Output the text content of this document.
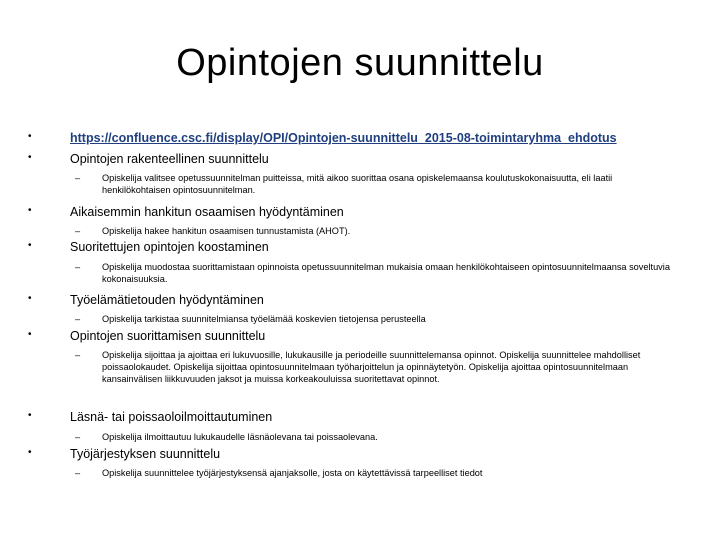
Opintojen suunnittelu
•	https://confluence.csc.fi/display/OPI/Opintojen-suunnittelu_2015-08-toimintaryhma_ehdotus
•	Opintojen rakenteellinen suunnittelu
– Opiskelija valitsee opetussuunnitelman puitteissa, mitä aikoo suorittaa osana opiskelemaansa koulutuskokonaisuutta, eli laatii henkilökohtaisen opintosuunnitelman.
•	Aikaisemmin hankitun osaamisen hyödyntäminen
– Opiskelija hakee hankitun osaamisen tunnustamista (AHOT).
•	Suoritettujen opintojen koostaminen
– Opiskelija muodostaa suorittamistaan opinnoista opetussuunnitelman mukaisia omaan henkilökohtaiseen opintosuunnitelmaansa soveltuvia kokonaisuuksia.
•	Työelämätietouden hyödyntäminen
– Opiskelija tarkistaa suunnitelmiansa työelämää koskevien tietojensa perusteella
•	Opintojen suorittamisen suunnittelu
– Opiskelija sijoittaa ja ajoittaa eri lukuvuosille, lukukausille ja periodeille suunnittelemansa opinnot. Opiskelija suunnittelee mahdolliset poissaolokaudet. Opiskelija sijoittaa opintosuunnitelmaan työharjoittelun ja opinnäytetyön. Opiskelija ajoittaa opintosuunnitelmaan kansainvälisen liikkuvuuden jaksot ja muissa korkeakouluissa suoritettavat opinnot.
•	Läsnä- tai poissaoloilmoittautuminen
– Opiskelija ilmoittautuu lukukaudelle läsnäolevana tai poissaolevana.
•	Työjärjestyksen suunnittelu
– Opiskelija suunnittelee työjärjestyksensä ajanjaksolle, josta on käytettävissä tarpeelliset tiedot
